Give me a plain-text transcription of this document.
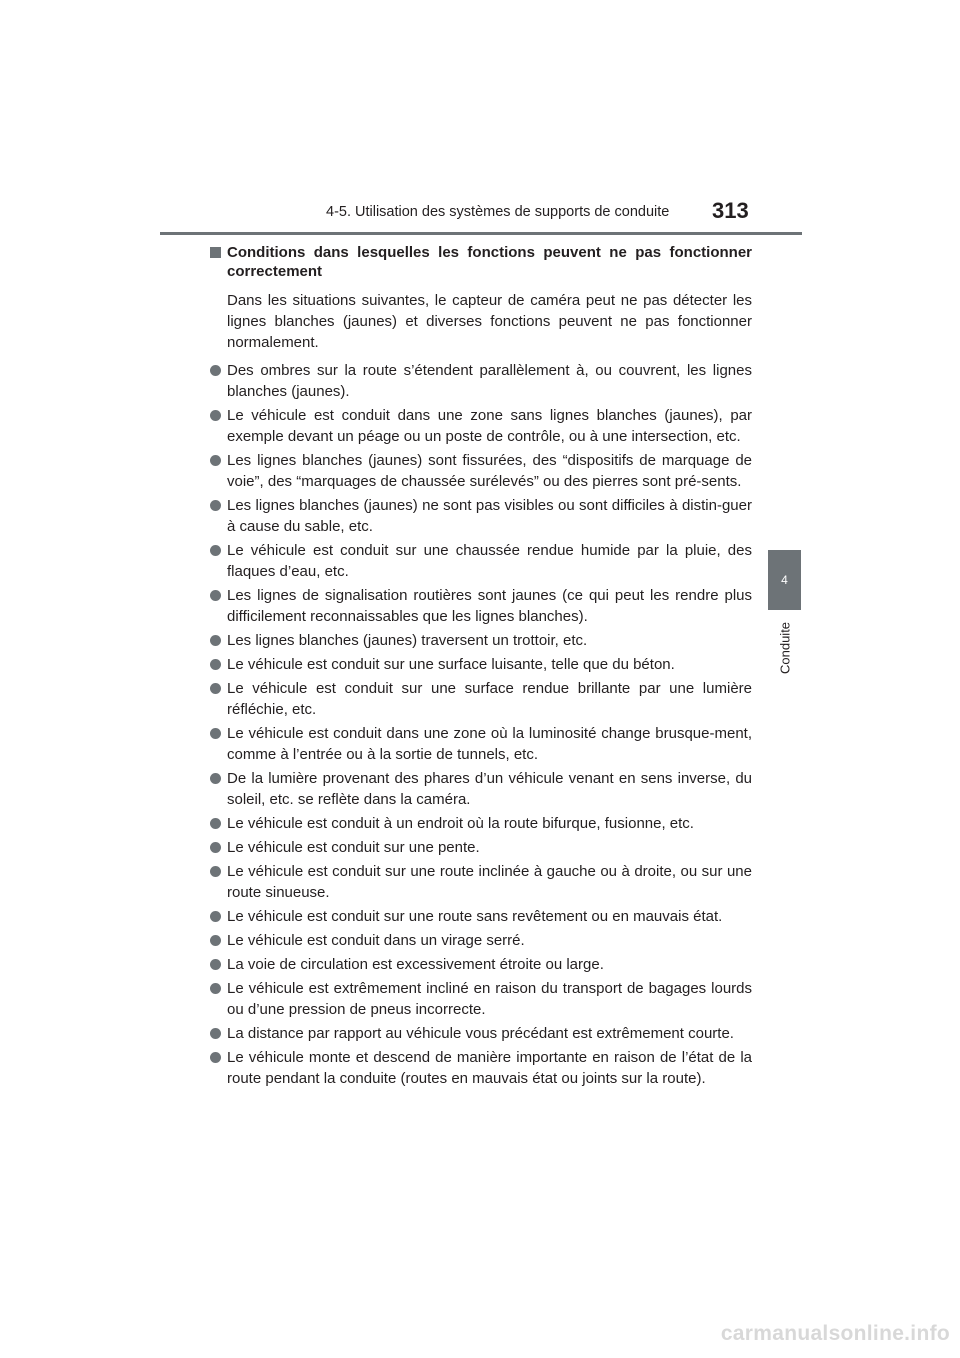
4-5. Utilisation des systèmes de supports de conduite	313
4
Conduite
Conditions dans lesquelles les fonctions peuvent ne pas fonctionner correctement

Dans les situations suivantes, le capteur de caméra peut ne pas détecter les lignes blanches (jaunes) et diverses fonctions peuvent ne pas fonctionner normalement.

Des ombres sur la route s’étendent parallèlement à, ou couvrent, les lignes blanches (jaunes).
Le véhicule est conduit dans une zone sans lignes blanches (jaunes), par exemple devant un péage ou un poste de contrôle, ou à une intersection, etc.
Les lignes blanches (jaunes) sont fissurées, des “dispositifs de marquage de voie”, des “marquages de chaussée surélevés” ou des pierres sont pré-sents.
Les lignes blanches (jaunes) ne sont pas visibles ou sont difficiles à distin-guer à cause du sable, etc.
Le véhicule est conduit sur une chaussée rendue humide par la pluie, des flaques d’eau, etc.
Les lignes de signalisation routières sont jaunes (ce qui peut les rendre plus difficilement reconnaissables que les lignes blanches).
Les lignes blanches (jaunes) traversent un trottoir, etc.
Le véhicule est conduit sur une surface luisante, telle que du béton.
Le véhicule est conduit sur une surface rendue brillante par une lumière réfléchie, etc.
Le véhicule est conduit dans une zone où la luminosité change brusque-ment, comme à l’entrée ou à la sortie de tunnels, etc.
De la lumière provenant des phares d’un véhicule venant en sens inverse, du soleil, etc. se reflète dans la caméra.
Le véhicule est conduit à un endroit où la route bifurque, fusionne, etc.
Le véhicule est conduit sur une pente.
Le véhicule est conduit sur une route inclinée à gauche ou à droite, ou sur une route sinueuse.
Le véhicule est conduit sur une route sans revêtement ou en mauvais état.
Le véhicule est conduit dans un virage serré.
La voie de circulation est excessivement étroite ou large.
Le véhicule est extrêmement incliné en raison du transport de bagages lourds ou d’une pression de pneus incorrecte.
La distance par rapport au véhicule vous précédant est extrêmement courte.
Le véhicule monte et descend de manière importante en raison de l’état de la route pendant la conduite (routes en mauvais état ou joints sur la route).
carmanualsonline.info
